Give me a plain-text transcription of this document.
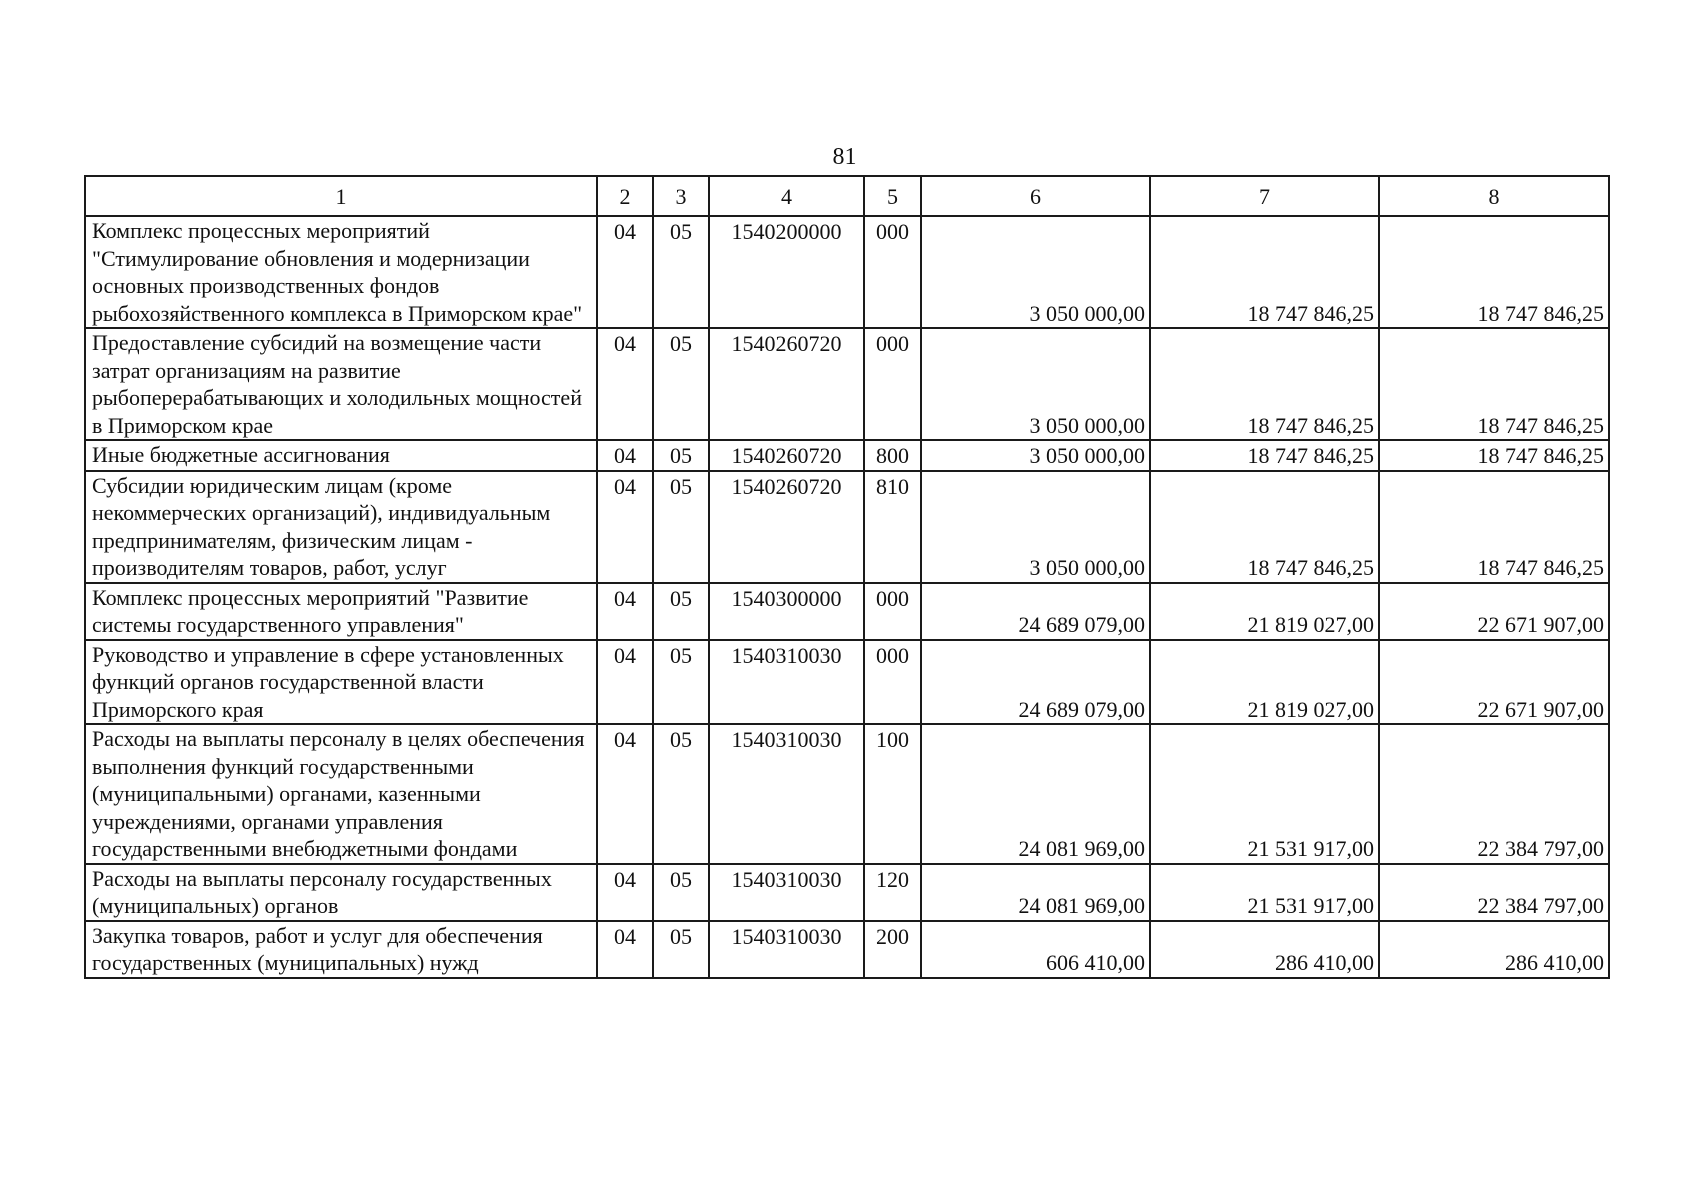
81
1	2	3	4	5	6	7	8
Комплекс процессных мероприятий "Стимулирование обновления и модернизации основных производственных фондов рыбохозяйственного комплекса в Приморском крае"	04	05	1540200000	000	3 050 000,00	18 747 846,25	18 747 846,25
Предоставление субсидий на возмещение части затрат организациям на развитие рыбоперерабатывающих и холодильных мощностей в Приморском крае	04	05	1540260720	000	3 050 000,00	18 747 846,25	18 747 846,25
Иные бюджетные ассигнования	04	05	1540260720	800	3 050 000,00	18 747 846,25	18 747 846,25
Субсидии юридическим лицам (кроме некоммерческих организаций), индивидуальным предпринимателям, физическим лицам - производителям товаров, работ, услуг	04	05	1540260720	810	3 050 000,00	18 747 846,25	18 747 846,25
Комплекс процессных мероприятий "Развитие системы государственного управления"	04	05	1540300000	000	24 689 079,00	21 819 027,00	22 671 907,00
Руководство и управление в сфере установленных функций органов государственной власти Приморского края	04	05	1540310030	000	24 689 079,00	21 819 027,00	22 671 907,00
Расходы на выплаты персоналу в целях обеспечения выполнения функций государственными (муниципальными) органами, казенными учреждениями, органами управления государственными внебюджетными фондами	04	05	1540310030	100	24 081 969,00	21 531 917,00	22 384 797,00
Расходы на выплаты персоналу государственных (муниципальных) органов	04	05	1540310030	120	24 081 969,00	21 531 917,00	22 384 797,00
Закупка товаров, работ и услуг для обеспечения государственных (муниципальных) нужд	04	05	1540310030	200	606 410,00	286 410,00	286 410,00
